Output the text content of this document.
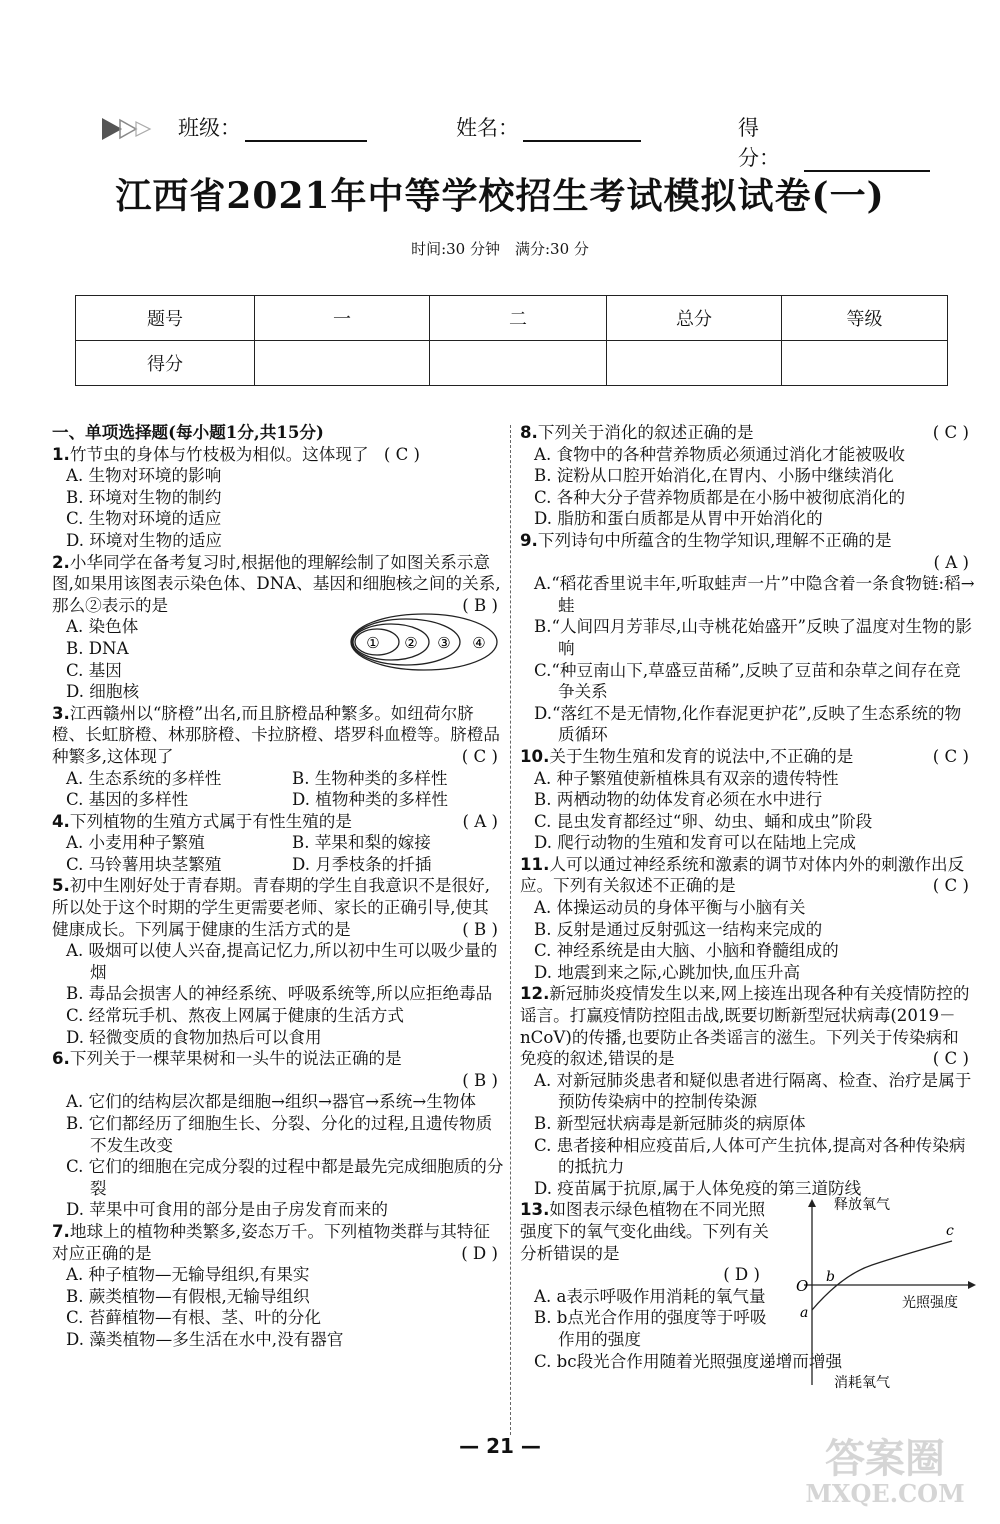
班级：	姓名：	得分：
江西省2021年中等学校招生考试模拟试卷(一)
时间:30 分钟　满分:30 分
题号	一	二	总分	等级
得分				
一、单项选择题(每小题1分,共15分)
1.竹节虫的身体与竹枝极为相似。这体现了 ( C )
A. 生物对环境的影响
B. 环境对生物的制约
C. 生物对环境的适应
D. 环境对生物的适应
2.小华同学在备考复习时,根据他的理解绘制了如图关系示意图,如果用该图表示染色体、DNA、基因和细胞核之间的关系,那么②表示的是	( B )
A. 染色体
B. DNA
C. 基因
D. 细胞核
① ② ③ ④
3.江西赣州以“脐橙”出名,而且脐橙品种繁多。如纽荷尔脐橙、长虹脐橙、林那脐橙、卡拉脐橙、塔罗科血橙等。脐橙品种繁多,这体现了	( C )
A. 生态系统的多样性	B. 生物种类的多样性
C. 基因的多样性	D. 植物种类的多样性
4.下列植物的生殖方式属于有性生殖的是	( A )
A. 小麦用种子繁殖	B. 苹果和梨的嫁接
C. 马铃薯用块茎繁殖	D. 月季枝条的扦插
5.初中生刚好处于青春期。青春期的学生自我意识不是很好,所以处于这个时期的学生更需要老师、家长的正确引导,使其健康成长。下列属于健康的生活方式的是	( B )
A. 吸烟可以使人兴奋,提高记忆力,所以初中生可以吸少量的烟
B. 毒品会损害人的神经系统、呼吸系统等,所以应拒绝毒品
C. 经常玩手机、熬夜上网属于健康的生活方式
D. 轻微变质的食物加热后可以食用
6.下列关于一棵苹果树和一头牛的说法正确的是
( B )
A. 它们的结构层次都是细胞→组织→器官→系统→生物体
B. 它们都经历了细胞生长、分裂、分化的过程,且遗传物质不发生改变
C. 它们的细胞在完成分裂的过程中都是最先完成细胞质的分裂
D. 苹果中可食用的部分是由子房发育而来的
7.地球上的植物种类繁多,姿态万千。下列植物类群与其特征对应正确的是	( D )
A. 种子植物—无输导组织,有果实
B. 蕨类植物—有假根,无输导组织
C. 苔藓植物—有根、茎、叶的分化
D. 藻类植物—多生活在水中,没有器官
8.下列关于消化的叙述正确的是	( C )
A. 食物中的各种营养物质必须通过消化才能被吸收
B. 淀粉从口腔开始消化,在胃内、小肠中继续消化
C. 各种大分子营养物质都是在小肠中被彻底消化的
D. 脂肪和蛋白质都是从胃中开始消化的
9.下列诗句中所蕴含的生物学知识,理解不正确的是
( A )
A.“稻花香里说丰年,听取蛙声一片”中隐含着一条食物链:稻→蛙
B.“人间四月芳菲尽,山寺桃花始盛开”反映了温度对生物的影响
C.“种豆南山下,草盛豆苗稀”,反映了豆苗和杂草之间存在竞争关系
D.“落红不是无情物,化作春泥更护花”,反映了生态系统的物质循环
10.关于生物生殖和发育的说法中,不正确的是	( C )
A. 种子繁殖使新植株具有双亲的遗传特性
B. 两栖动物的幼体发育必须在水中进行
C. 昆虫发育都经过“卵、幼虫、蛹和成虫”阶段
D. 爬行动物的生殖和发育可以在陆地上完成
11.人可以通过神经系统和激素的调节对体内外的刺激作出反应。下列有关叙述不正确的是	( C )
A. 体操运动员的身体平衡与小脑有关
B. 反射是通过反射弧这一结构来完成的
C. 神经系统是由大脑、小脑和脊髓组成的
D. 地震到来之际,心跳加快,血压升高
12.新冠肺炎疫情发生以来,网上接连出现各种有关疫情防控的谣言。打赢疫情防控阻击战,既要切断新型冠状病毒(2019－nCoV)的传播,也要防止各类谣言的滋生。下列关于传染病和免疫的叙述,错误的是	( C )
A. 对新冠肺炎患者和疑似患者进行隔离、检查、治疗是属于预防传染病中的控制传染源
B. 新型冠状病毒是新冠肺炎的病原体
C. 患者接种相应疫苗后,人体可产生抗体,提高对各种传染病的抵抗力
D. 疫苗属于抗原,属于人体免疫的第三道防线
13.如图表示绿色植物在不同光照强度下的氧气变化曲线。下列有关分析错误的是
( D )
A. a表示呼吸作用消耗的氧气量
B. b点光合作用的强度等于呼吸作用的强度
C. bc段光合作用随着光照强度递增而增强
释放氧气
消耗氧气
光照强度
O
a
b
c
— 21 —	答案圈
MXQE.COM
